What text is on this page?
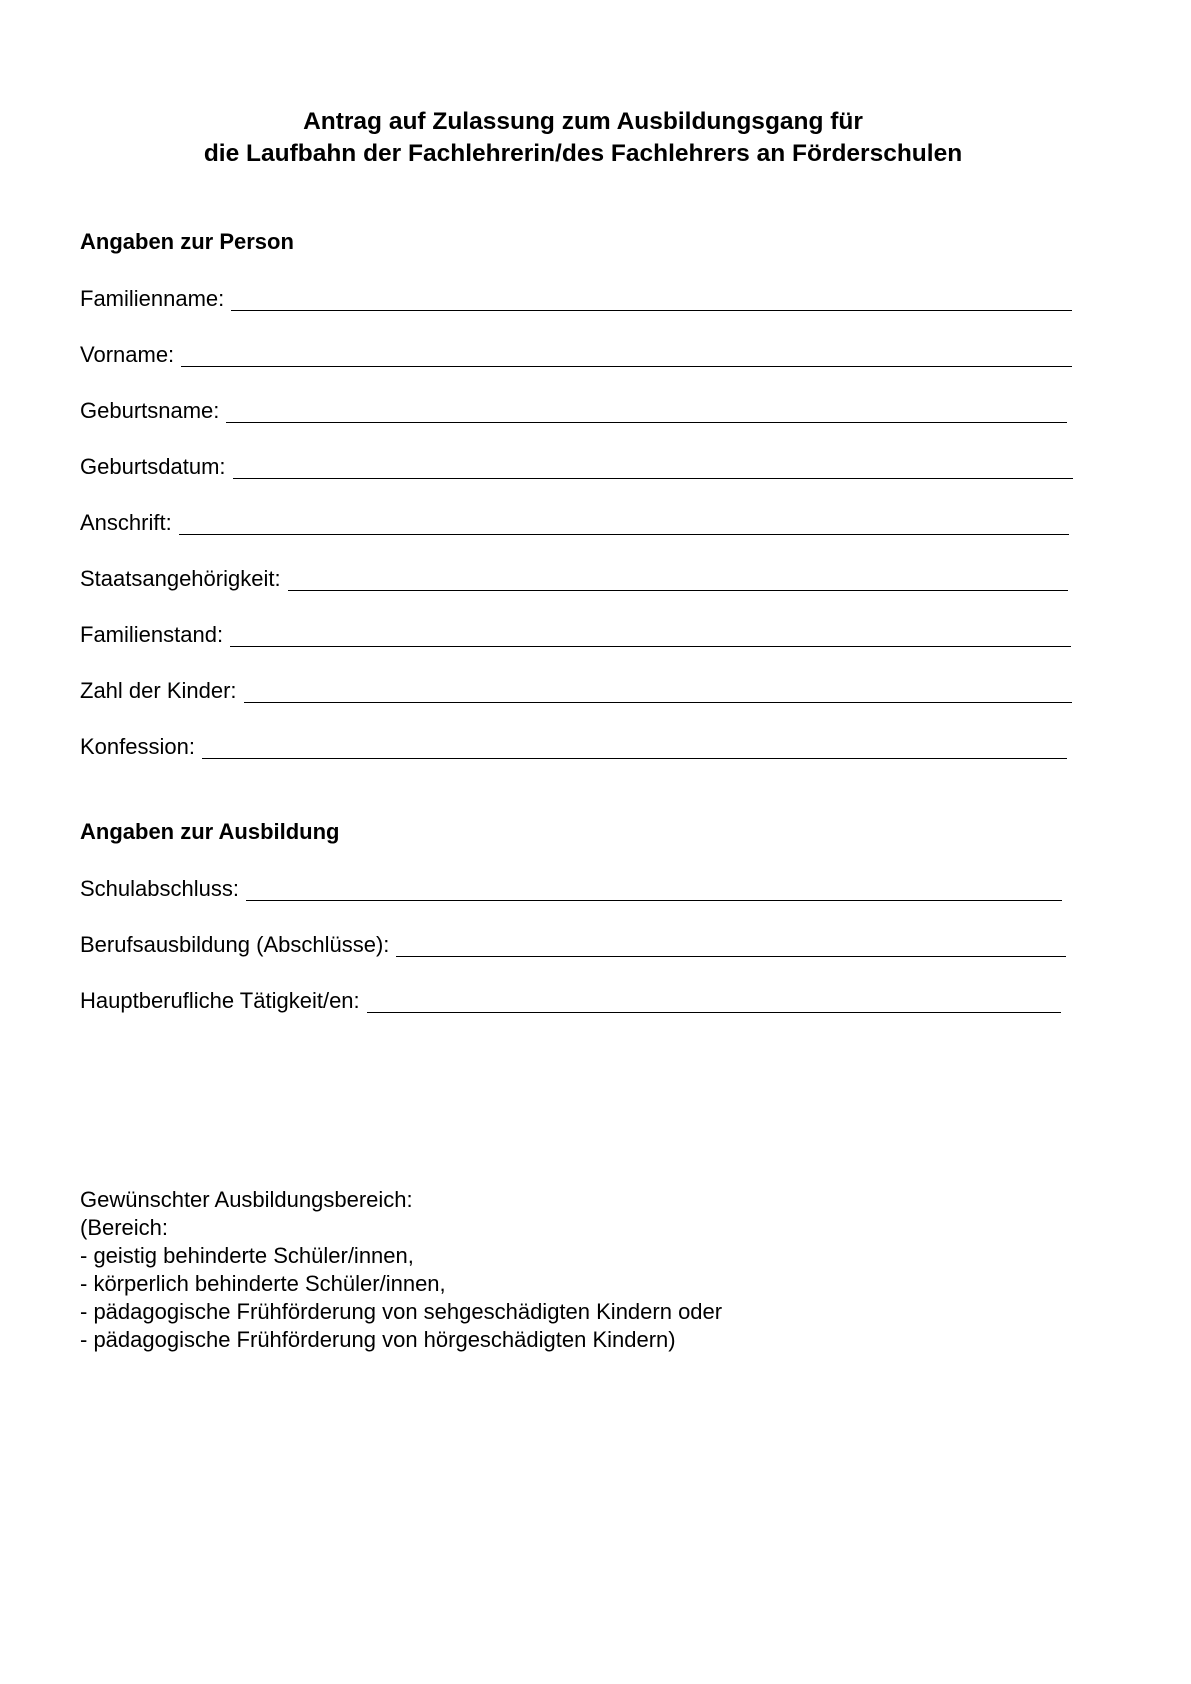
Antrag auf Zulassung zum Ausbildungsgang für
die Laufbahn der Fachlehrerin/des Fachlehrers an Förderschulen
Angaben zur Person
Familienname:
Vorname:
Geburtsname:
Geburtsdatum:
Anschrift:
Staatsangehörigkeit:
Familienstand:
Zahl der Kinder:
Konfession:
Angaben zur Ausbildung
Schulabschluss:
Berufsausbildung (Abschlüsse):
Hauptberufliche Tätigkeit/en:
Gewünschter Ausbildungsbereich:
(Bereich:
- geistig behinderte Schüler/innen,
- körperlich behinderte Schüler/innen,
- pädagogische Frühförderung von sehgeschädigten Kindern oder
- pädagogische Frühförderung von hörgeschädigten Kindern)
